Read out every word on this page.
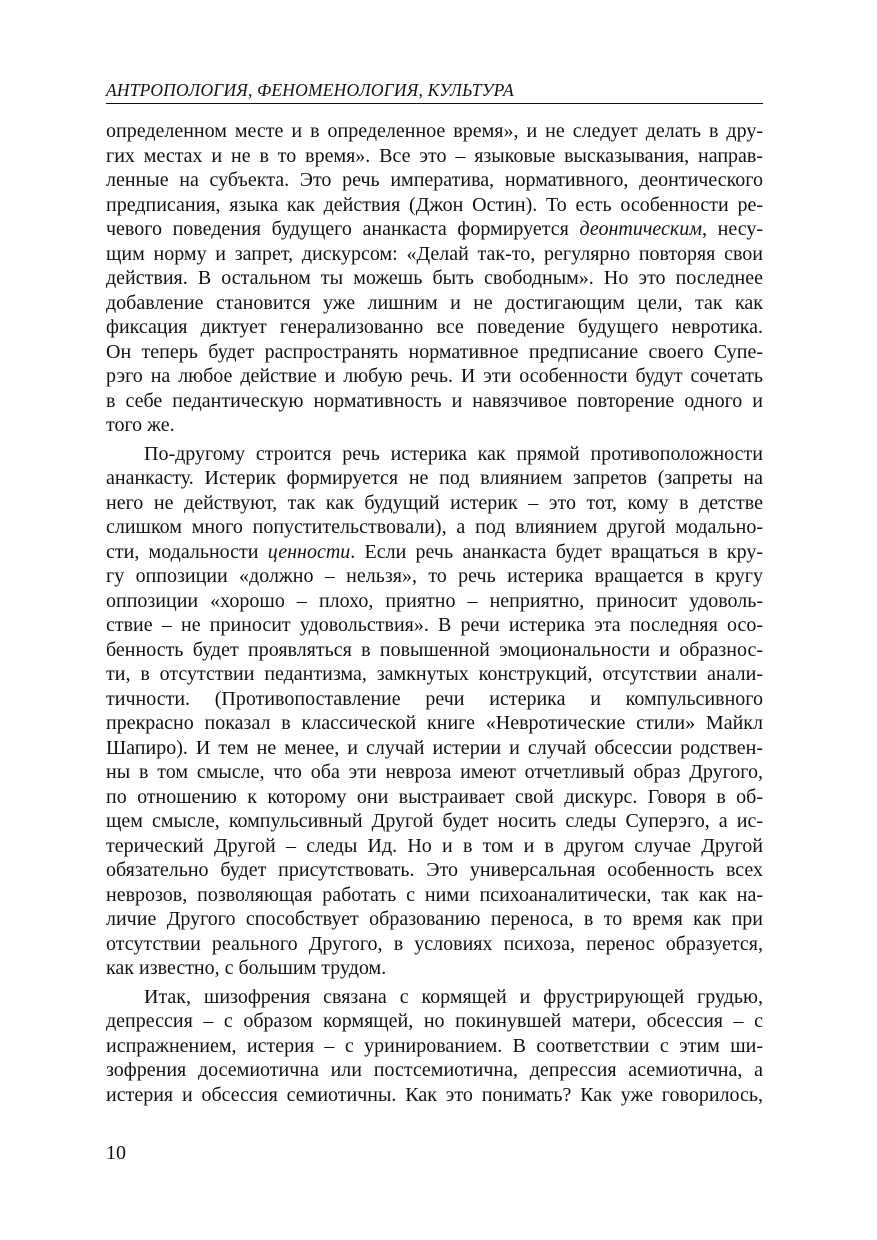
АНТРОПОЛОГИЯ, ФЕНОМЕНОЛОГИЯ, КУЛЬТУРА
определенном месте и в определенное время», и не следует делать в дру-
гих местах и не в то время». Все это – языковые высказывания, направ-
ленные на субъекта. Это речь императива, нормативного, деонтического
предписания, языка как действия (Джон Остин). То есть особенности ре-
чевого поведения будущего ананкаста формируется деонтическим, несу-
щим норму и запрет, дискурсом: «Делай так-то, регулярно повторяя свои
действия. В остальном ты можешь быть свободным». Но это последнее
добавление становится уже лишним и не достигающим цели, так как
фиксация диктует генерализованно все поведение будущего невротика.
Он теперь будет распространять нормативное предписание своего Супе-
рэго на любое действие и любую речь. И эти особенности будут сочетать
в себе педантическую нормативность и навязчивое повторение одного и
того же.
По-другому строится речь истерика как прямой противоположности
ананкасту. Истерик формируется не под влиянием запретов (запреты на
него не действуют, так как будущий истерик – это тот, кому в детстве
слишком много попустительствовали), а под влиянием другой модально-
сти, модальности ценности. Если речь ананкаста будет вращаться в кру-
гу оппозиции «должно – нельзя», то речь истерика вращается в кругу
оппозиции «хорошо – плохо, приятно – неприятно, приносит удоволь-
ствие – не приносит удовольствия». В речи истерика эта последняя осо-
бенность будет проявляться в повышенной эмоциональности и образнос-
ти, в отсутствии педантизма, замкнутых конструкций, отсутствии анали-
тичности. (Противопоставление речи истерика и компульсивного
прекрасно показал в классической книге «Невротические стили» Майкл
Шапиро). И тем не менее, и случай истерии и случай обсессии родствен-
ны в том смысле, что оба эти невроза имеют отчетливый образ Другого,
по отношению к которому они выстраивает свой дискурс. Говоря в об-
щем смысле, компульсивный Другой будет носить следы Суперэго, а ис-
терический Другой – следы Ид. Но и в том и в другом случае Другой
обязательно будет присутствовать. Это универсальная особенность всех
неврозов, позволяющая работать с ними психоаналитически, так как на-
личие Другого способствует образованию переноса, в то время как при
отсутствии реального Другого, в условиях психоза, перенос образуется,
как известно, с большим трудом.
Итак, шизофрения связана с кормящей и фрустрирующей грудью,
депрессия – с образом кормящей, но покинувшей матери, обсессия – с
испражнением, истерия – с уринированием. В соответствии с этим ши-
зофрения досемиотична или постсемиотична, депрессия асемиотична, а
истерия и обсессия семиотичны. Как это понимать? Как уже говорилось,
10
